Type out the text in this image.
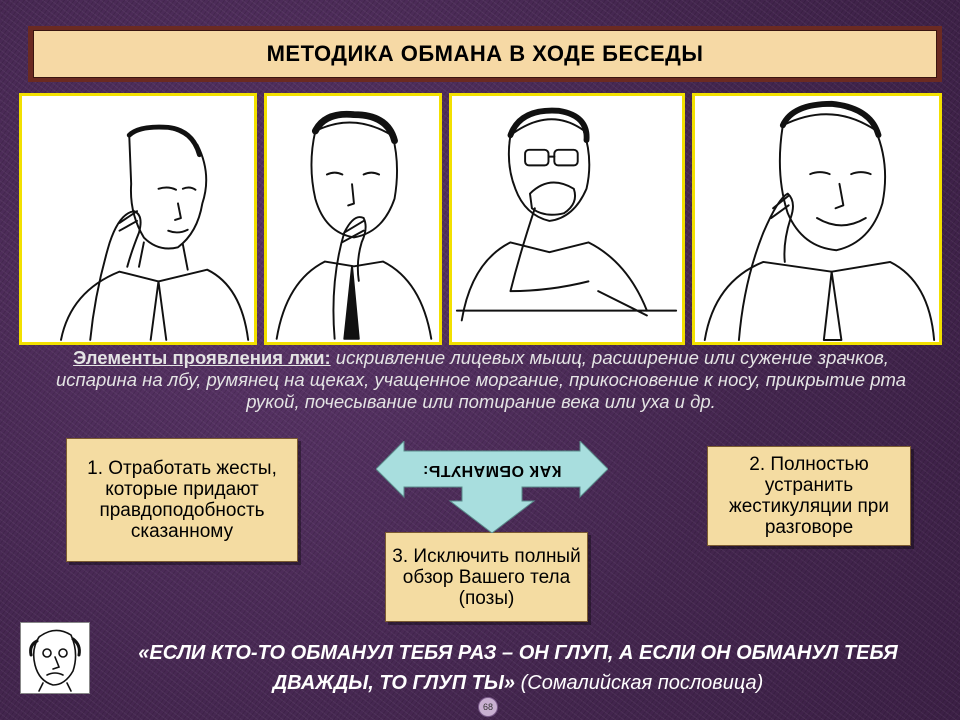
МЕТОДИКА ОБМАНА В ХОДЕ БЕСЕДЫ
Элементы проявления лжи: искривление лицевых мышц, расширение или сужение зрачков, испарина на лбу, румянец на щеках, учащенное моргание, прикосновение к носу, прикрытие рта рукой, почесывание или потирание века или уха и др.
1. Отработать жесты, которые придают правдоподобность сказанному
2. Полностью устранить жестикуляции при разговоре
3. Исключить полный обзор Вашего тела (позы)
КАК ОБМАНУТЬ:
«ЕСЛИ КТО-ТО ОБМАНУЛ ТЕБЯ РАЗ – ОН ГЛУП, А ЕСЛИ ОН ОБМАНУЛ ТЕБЯ ДВАЖДЫ, ТО ГЛУП ТЫ» (Сомалийская пословица)
68
